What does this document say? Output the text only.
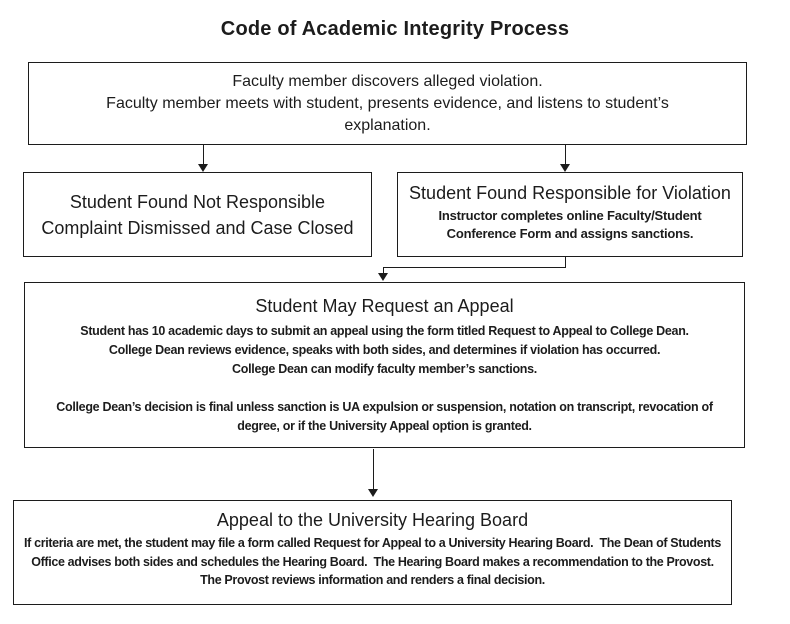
Code of Academic Integrity Process
Faculty member discovers alleged violation.
Faculty member meets with student, presents evidence, and listens to student’s explanation.
Student Found Not Responsible
Complaint Dismissed and Case Closed
Student Found Responsible for Violation
Instructor completes online Faculty/Student Conference Form and assigns sanctions.
Student May Request an Appeal
Student has 10 academic days to submit an appeal using the form titled Request to Appeal to College Dean.
College Dean reviews evidence, speaks with both sides, and determines if violation has occurred.
College Dean can modify faculty member’s sanctions.
College Dean’s decision is final unless sanction is UA expulsion or suspension, notation on transcript, revocation of degree, or if the University Appeal option is granted.
Appeal to the University Hearing Board
If criteria are met, the student may file a form called Request for Appeal to a University Hearing Board.  The Dean of Students Office advises both sides and schedules the Hearing Board.  The Hearing Board makes a recommendation to the Provost.  The Provost reviews information and renders a final decision.
